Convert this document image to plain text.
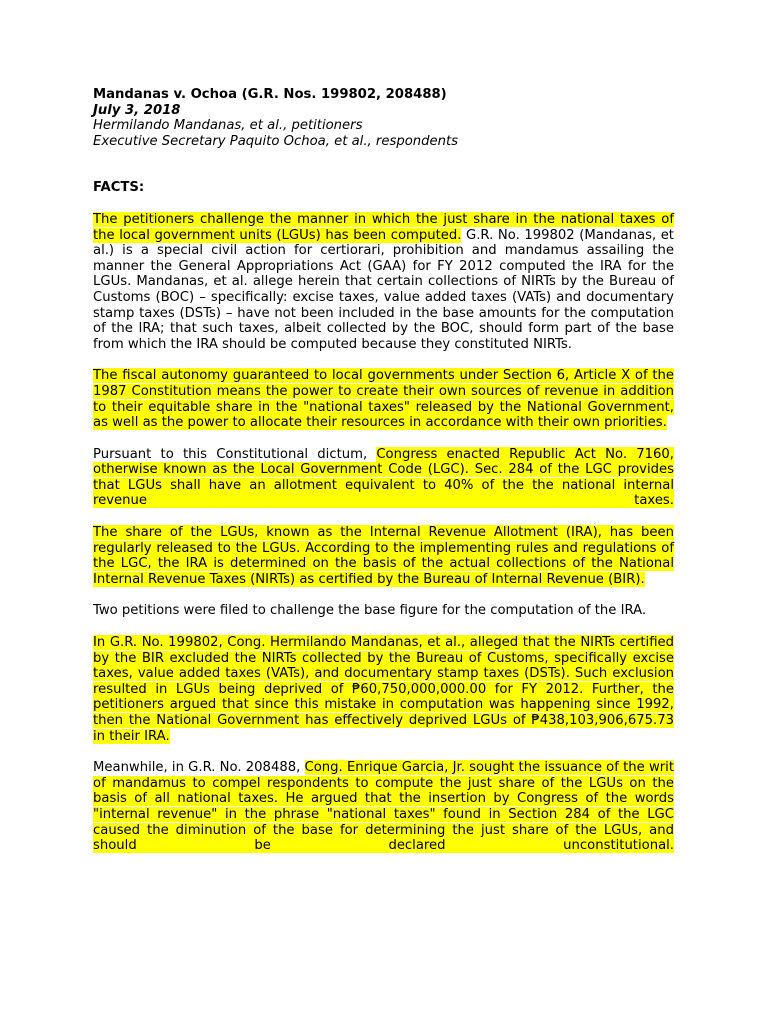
Mandanas v. Ochoa (G.R. Nos. 199802, 208488)
July 3, 2018
Hermilando Mandanas, et al., petitioners
Executive Secretary Paquito Ochoa, et al., respondents
FACTS:

The petitioners challenge the manner in which the just share in the national taxes of the local government units (LGUs) has been computed. G.R. No. 199802 (Mandanas, et al.) is a special civil action for certiorari, prohibition and mandamus assailing the manner the General Appropriations Act (GAA) for FY 2012 computed the IRA for the LGUs. Mandanas, et al. allege herein that certain collections of NIRTs by the Bureau of Customs (BOC) – specifically: excise taxes, value added taxes (VATs) and documentary stamp taxes (DSTs) – have not been included in the base amounts for the computation of the IRA; that such taxes, albeit collected by the BOC, should form part of the base from which the IRA should be computed because they constituted NIRTs.

The fiscal autonomy guaranteed to local governments under Section 6, Article X of the 1987 Constitution means the power to create their own sources of revenue in addition to their equitable share in the "national taxes" released by the National Government, as well as the power to allocate their resources in accordance with their own priorities.

Pursuant to this Constitutional dictum, Congress enacted Republic Act No. 7160, otherwise known as the Local Government Code (LGC). Sec. 284 of the LGC provides that LGUs shall have an allotment equivalent to 40% of the the national internal revenue taxes.

The share of the LGUs, known as the Internal Revenue Allotment (IRA), has been regularly released to the LGUs. According to the implementing rules and regulations of the LGC, the IRA is determined on the basis of the actual collections of the National Internal Revenue Taxes (NIRTs) as certified by the Bureau of Internal Revenue (BIR).

Two petitions were filed to challenge the base figure for the computation of the IRA.

In G.R. No. 199802, Cong. Hermilando Mandanas, et al., alleged that the NIRTs certified by the BIR excluded the NIRTs collected by the Bureau of Customs, specifically excise taxes, value added taxes (VATs), and documentary stamp taxes (DSTs). Such exclusion resulted in LGUs being deprived of ₱60,750,000,000.00 for FY 2012. Further, the petitioners argued that since this mistake in computation was happening since 1992, then the National Government has effectively deprived LGUs of ₱438,103,906,675.73 in their IRA.

Meanwhile, in G.R. No. 208488, Cong. Enrique Garcia, Jr. sought the issuance of the writ of mandamus to compel respondents to compute the just share of the LGUs on the basis of all national taxes. He argued that the insertion by Congress of the words "internal revenue" in the phrase "national taxes" found in Section 284 of the LGC caused the diminution of the base for determining the just share of the LGUs, and should be declared unconstitutional.
